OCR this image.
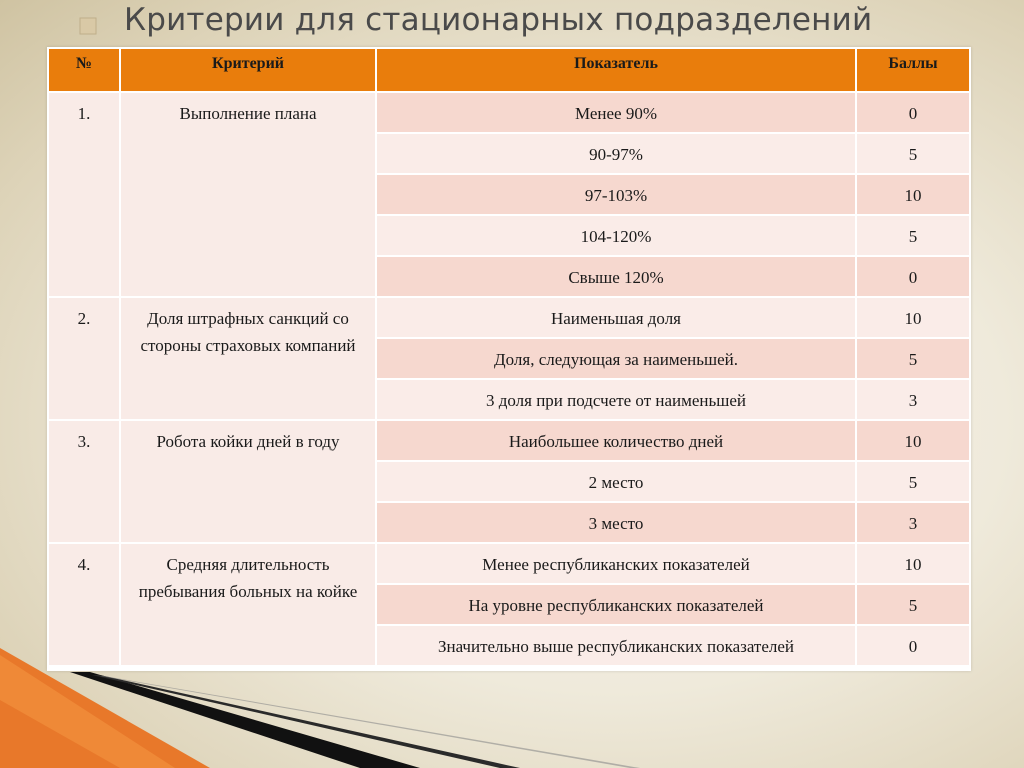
Критерии для стационарных подразделений
№	Критерий	Показатель	Баллы
1.	Выполнение плана	Менее 90%	0
		90-97%	5
		97-103%	10
		104-120%	5
		Свыше 120%	0
2.	Доля штрафных санкций со стороны страховых компаний	Наименьшая доля	10
		Доля, следующая за наименьшей.	5
		3 доля при подсчете от наименьшей	3
3.	Робота койки дней в году	Наибольшее количество дней	10
		2 место	5
		3 место	3
4.	Средняя длительность пребывания больных на койке	Менее республиканских показателей	10
		На уровне республиканских показателей	5
		Значительно выше республиканских показателей	0
